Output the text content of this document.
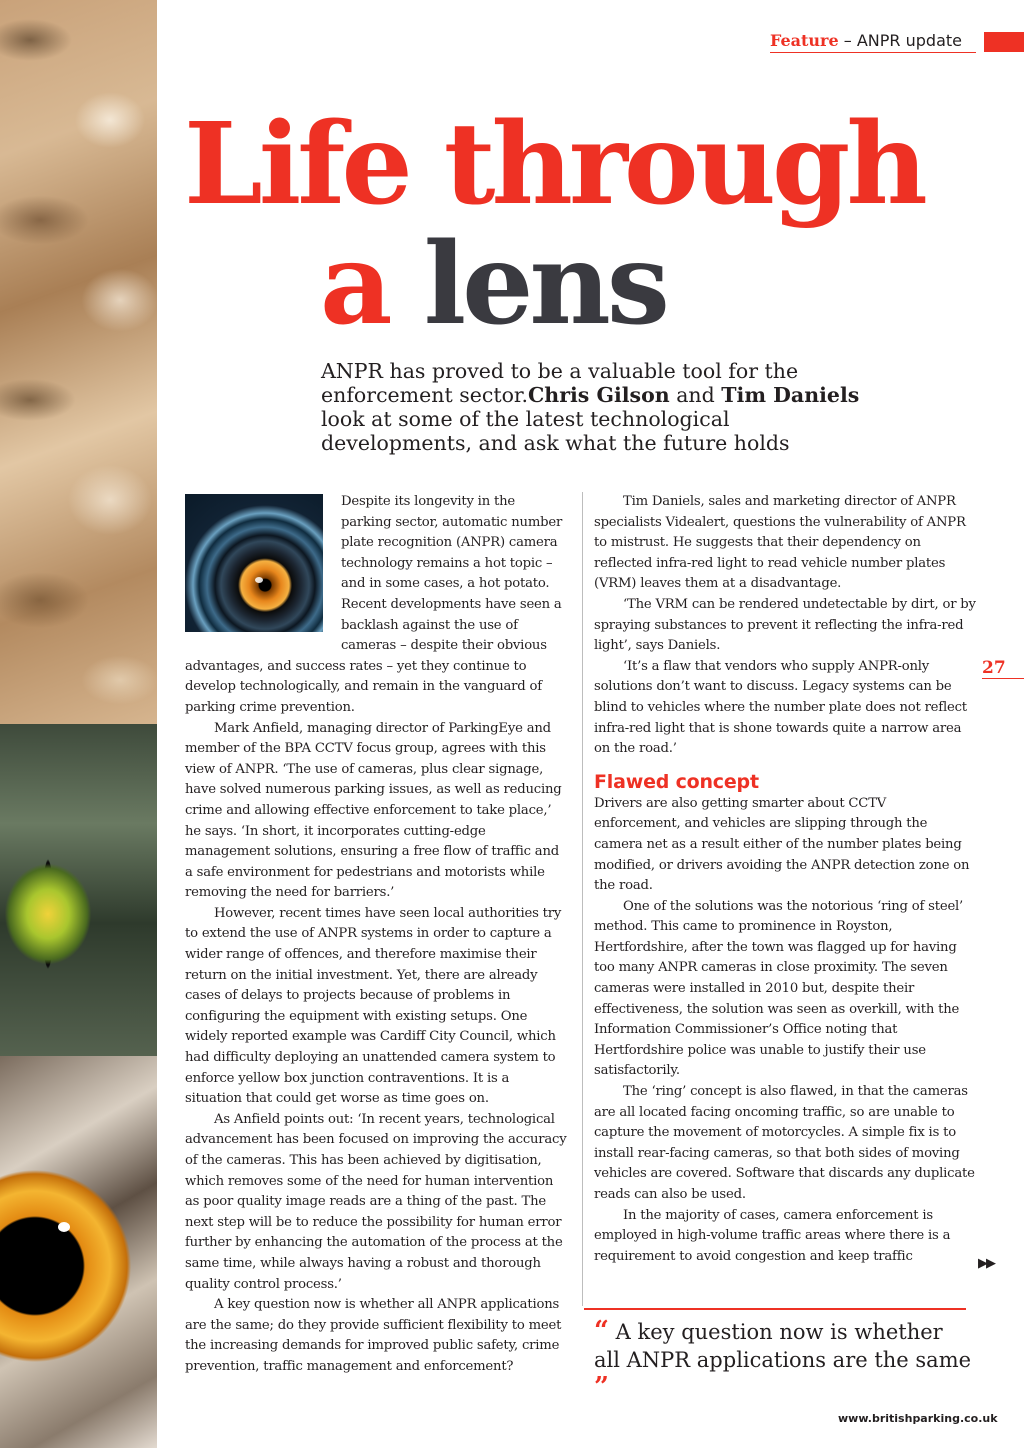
Feature – ANPR update
Life through
a lens

ANPR has proved to be a valuable tool for the enforcement sector.Chris Gilson and Tim Daniels look at some of the latest technological developments, and ask what the future holds

Despite its longevity in the parking sector, automatic number plate recognition (ANPR) camera technology remains a hot topic – and in some cases, a hot potato. Recent developments have seen a backlash against the use of cameras – despite their obvious advantages, and success rates – yet they continue to develop technologically, and remain in the vanguard of parking crime prevention.

Mark Anfield, managing director of ParkingEye and member of the BPA CCTV focus group, agrees with this view of ANPR. ‘The use of cameras, plus clear signage, have solved numerous parking issues, as well as reducing crime and allowing effective enforcement to take place,’ he says. ‘In short, it incorporates cutting-edge management solutions, ensuring a free flow of traffic and a safe environment for pedestrians and motorists while removing the need for barriers.’

However, recent times have seen local authorities try to extend the use of ANPR systems in order to capture a wider range of offences, and therefore maximise their return on the initial investment. Yet, there are already cases of delays to projects because of problems in configuring the equipment with existing setups. One widely reported example was Cardiff City Council, which had difficulty deploying an unattended camera system to enforce yellow box junction contraventions. It is a situation that could get worse as time goes on.

As Anfield points out: ‘In recent years, technological advancement has been focused on improving the accuracy of the cameras. This has been achieved by digitisation, which removes some of the need for human intervention as poor quality image reads are a thing of the past. The next step will be to reduce the possibility for human error further by enhancing the automation of the process at the same time, while always having a robust and thorough quality control process.’

A key question now is whether all ANPR applications are the same; do they provide sufficient flexibility to meet the increasing demands for improved public safety, crime prevention, traffic management and enforcement?

Tim Daniels, sales and marketing director of ANPR specialists Videalert, questions the vulnerability of ANPR to mistrust. He suggests that their dependency on reflected infra-red light to read vehicle number plates (VRM) leaves them at a disadvantage.

‘The VRM can be rendered undetectable by dirt, or by spraying substances to prevent it reflecting the infra-red light’, says Daniels.

‘It’s a flaw that vendors who supply ANPR-only solutions don’t want to discuss. Legacy systems can be blind to vehicles where the number plate does not reflect infra-red light that is shone towards quite a narrow area on the road.’

Flawed concept

Drivers are also getting smarter about CCTV enforcement, and vehicles are slipping through the camera net as a result either of the number plates being modified, or drivers avoiding the ANPR detection zone on the road.

One of the solutions was the notorious ‘ring of steel’ method. This came to prominence in Royston, Hertfordshire, after the town was flagged up for having too many ANPR cameras in close proximity. The seven cameras were installed in 2010 but, despite their effectiveness, the solution was seen as overkill, with the Information Commissioner’s Office noting that Hertfordshire police was unable to justify their use satisfactorily.

The ‘ring’ concept is also flawed, in that the cameras are all located facing oncoming traffic, so are unable to capture the movement of motorcycles. A simple fix is to install rear-facing cameras, so that both sides of moving vehicles are covered. Software that discards any duplicate reads can also be used.

In the majority of cases, camera enforcement is employed in high-volume traffic areas where there is a requirement to avoid congestion and keep traffic

27
▶▶

“ A key question now is whether all ANPR applications are the same ”

www.britishparking.co.uk
